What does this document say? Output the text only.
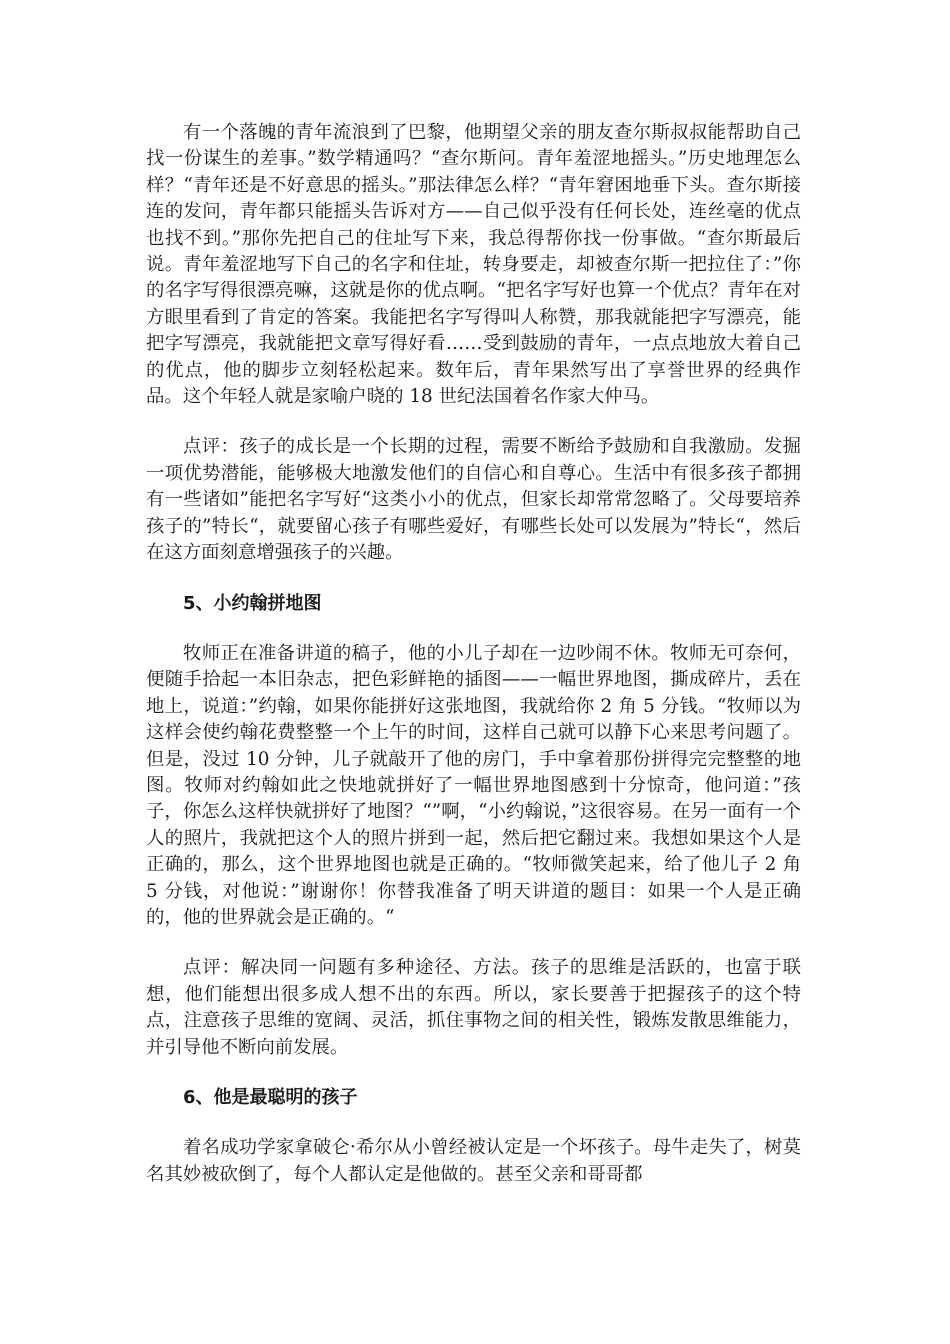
有一个落魄的青年流浪到了巴黎，他期望父亲的朋友查尔斯叔叔能帮助自己找一份谋生的差事。”数学精通吗？“查尔斯问。青年羞涩地摇头。”历史地理怎么样？“青年还是不好意思的摇头。”那法律怎么样？“青年窘困地垂下头。查尔斯接连的发问，青年都只能摇头告诉对方——自己似乎没有任何长处，连丝毫的优点也找不到。”那你先把自己的住址写下来，我总得帮你找一份事做。“查尔斯最后说。青年羞涩地写下自己的名字和住址，转身要走，却被查尔斯一把拉住了：”你的名字写得很漂亮嘛，这就是你的优点啊。“把名字写好也算一个优点？青年在对方眼里看到了肯定的答案。我能把名字写得叫人称赞，那我就能把字写漂亮，能把字写漂亮，我就能把文章写得好看……受到鼓励的青年，一点点地放大着自己的优点，他的脚步立刻轻松起来。数年后，青年果然写出了享誉世界的经典作品。这个年轻人就是家喻户晓的 18 世纪法国着名作家大仲马。

点评：孩子的成长是一个长期的过程，需要不断给予鼓励和自我激励。发掘一项优势潜能，能够极大地激发他们的自信心和自尊心。生活中有很多孩子都拥有一些诸如”能把名字写好“这类小小的优点，但家长却常常忽略了。父母要培养孩子的”特长“，就要留心孩子有哪些爱好，有哪些长处可以发展为”特长“，然后在这方面刻意增强孩子的兴趣。

5、小约翰拼地图

牧师正在准备讲道的稿子，他的小儿子却在一边吵闹不休。牧师无可奈何，便随手拾起一本旧杂志，把色彩鲜艳的插图——一幅世界地图，撕成碎片，丢在地上，说道：”约翰，如果你能拼好这张地图，我就给你 2 角 5 分钱。“牧师以为这样会使约翰花费整整一个上午的时间，这样自己就可以静下心来思考问题了。但是，没过 10 分钟，儿子就敲开了他的房门，手中拿着那份拼得完完整整的地图。牧师对约翰如此之快地就拼好了一幅世界地图感到十分惊奇，他问道：”孩子，你怎么这样快就拼好了地图？“”啊，“小约翰说，”这很容易。在另一面有一个人的照片，我就把这个人的照片拼到一起，然后把它翻过来。我想如果这个人是正确的，那么，这个世界地图也就是正确的。“牧师微笑起来，给了他儿子 2 角 5 分钱，对他说：”谢谢你！你替我准备了明天讲道的题目：如果一个人是正确的，他的世界就会是正确的。“

点评：解决同一问题有多种途径、方法。孩子的思维是活跃的，也富于联想，他们能想出很多成人想不出的东西。所以，家长要善于把握孩子的这个特点，注意孩子思维的宽阔、灵活，抓住事物之间的相关性，锻炼发散思维能力，并引导他不断向前发展。

6、他是最聪明的孩子

着名成功学家拿破仑·希尔从小曾经被认定是一个坏孩子。母牛走失了，树莫名其妙被砍倒了，每个人都认定是他做的。甚至父亲和哥哥都
